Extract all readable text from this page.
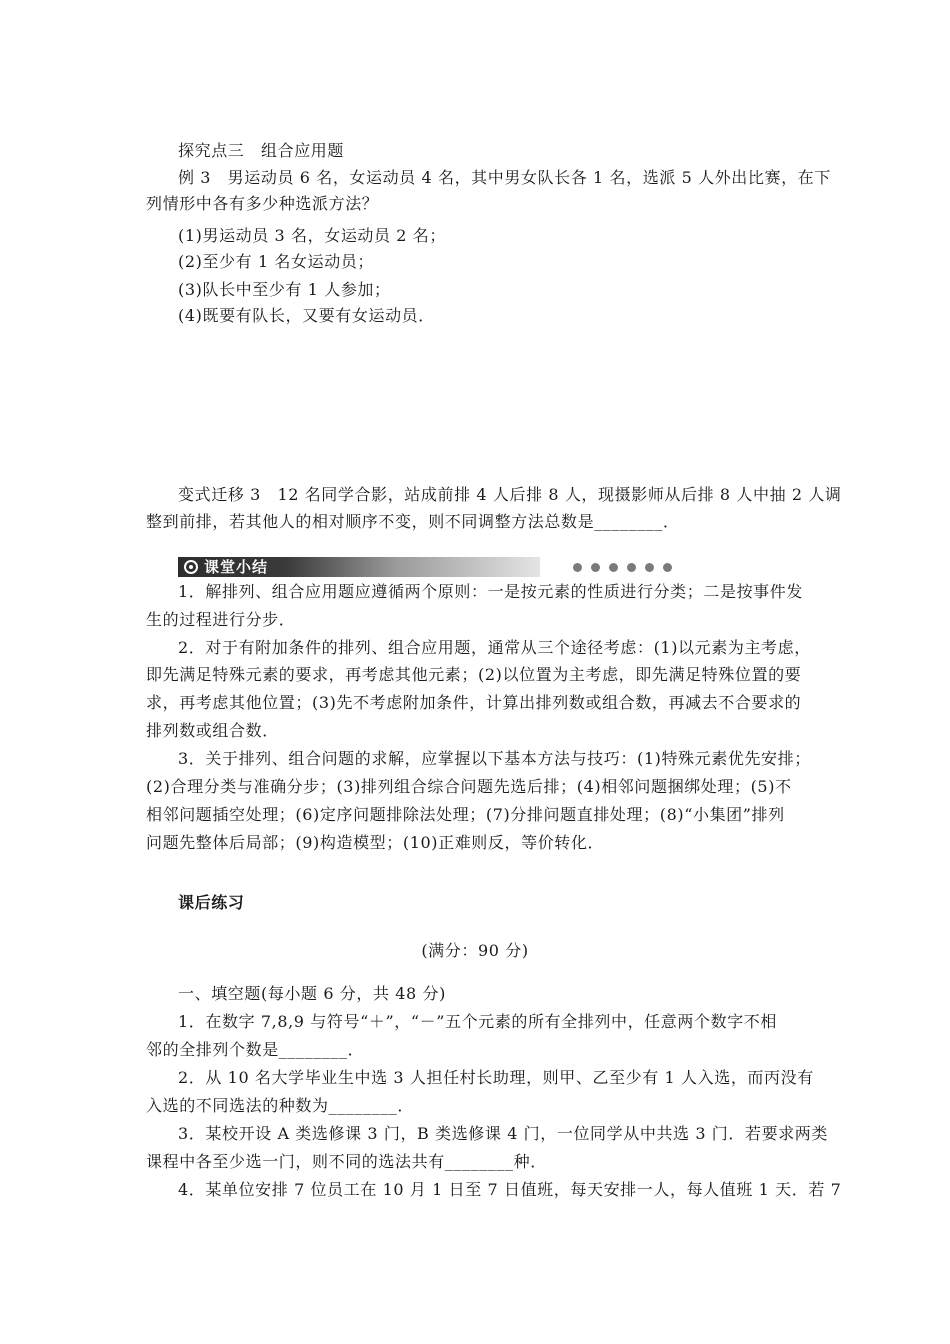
探究点三　组合应用题
例 3　男运动员 6 名，女运动员 4 名，其中男女队长各 1 名，选派 5 人外出比赛，在下
列情形中各有多少种选派方法？
(1)男运动员 3 名，女运动员 2 名；
(2)至少有 1 名女运动员；
(3)队长中至少有 1 人参加；
(4)既要有队长，又要有女运动员．
变式迁移 3　12 名同学合影，站成前排 4 人后排 8 人，现摄影师从后排 8 人中抽 2 人调
整到前排，若其他人的相对顺序不变，则不同调整方法总数是________．
课堂小结
1．解排列、组合应用题应遵循两个原则：一是按元素的性质进行分类；二是按事件发
生的过程进行分步．
2．对于有附加条件的排列、组合应用题，通常从三个途径考虑：(1)以元素为主考虑，
即先满足特殊元素的要求，再考虑其他元素；(2)以位置为主考虑，即先满足特殊位置的要
求，再考虑其他位置；(3)先不考虑附加条件，计算出排列数或组合数，再减去不合要求的
排列数或组合数．
3．关于排列、组合问题的求解，应掌握以下基本方法与技巧：(1)特殊元素优先安排；
(2)合理分类与准确分步；(3)排列组合综合问题先选后排；(4)相邻问题捆绑处理；(5)不
相邻问题插空处理；(6)定序问题排除法处理；(7)分排问题直排处理；(8)“小集团”排列
问题先整体后局部；(9)构造模型；(10)正难则反，等价转化．
课后练习
(满分：90 分)
一、填空题(每小题 6 分，共 48 分)
1．在数字 7,8,9 与符号“＋”，“－”五个元素的所有全排列中，任意两个数字不相
邻的全排列个数是________．
2．从 10 名大学毕业生中选 3 人担任村长助理，则甲、乙至少有 1 人入选，而丙没有
入选的不同选法的种数为________．
3．某校开设 A 类选修课 3 门，B 类选修课 4 门，一位同学从中共选 3 门．若要求两类
课程中各至少选一门，则不同的选法共有________种．
4．某单位安排 7 位员工在 10 月 1 日至 7 日值班，每天安排一人，每人值班 1 天．若 7
